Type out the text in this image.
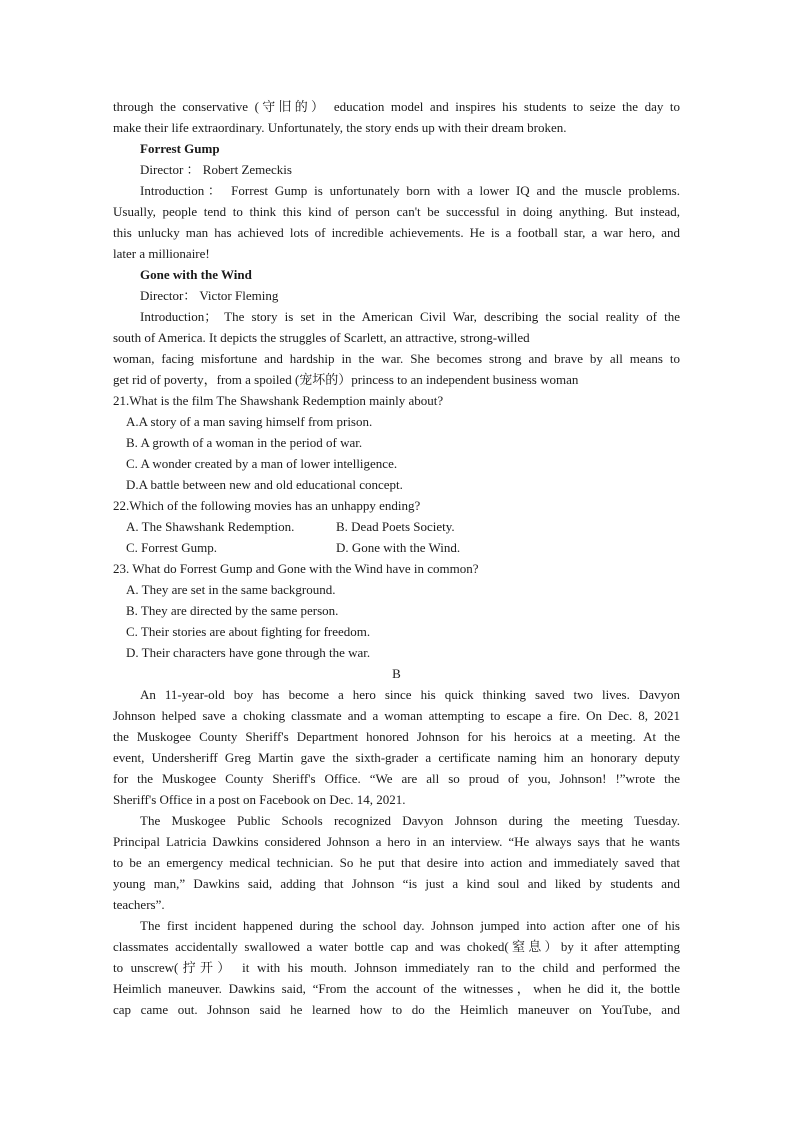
through the conservative (守旧的） education model and inspires his students to seize the day to

make their life extraordinary. Unfortunately, the story ends up with their dream broken.

Forrest Gump

Director ： Robert Zemeckis

Introduction： Forrest Gump is unfortunately born with a lower IQ and the muscle problems.

Usually, people tend to think this kind of person can't be successful in doing anything. But instead,

this unlucky man has achieved lots of incredible achievements. He is a football star, a war hero, and

later a millionaire!

Gone with the Wind

Director： Victor Fleming

Introduction； The story is set in the American Civil War, describing the social reality of the

south of America. It depicts the struggles of Scarlett, an attractive, strong-willed

woman, facing misfortune and hardship in the war. She becomes strong and brave by all means to

get rid of poverty，from a spoiled (宠坏的）princess to an independent business woman

21.What is the film The Shawshank Redemption mainly about?

A.A story of a man saving himself from prison.

B. A growth of a woman in the period of war.

C. A wonder created by a man of lower intelligence.

D.A battle between new and old educational concept.

22.Which of the following movies has an unhappy ending?

A. The Shawshank Redemption.	B. Dead Poets Society.

C. Forrest Gump.	D. Gone with the Wind.

23. What do Forrest Gump and Gone with the Wind have in common?

A. They are set in the same background.

B. They are directed by the same person.

C. Their stories are about fighting for freedom.

D. Their characters have gone through the war.

B

An 11-year-old boy has become a hero since his quick thinking saved two lives. Davyon

Johnson helped save a choking classmate and a woman attempting to escape a fire. On Dec. 8, 2021

the Muskogee County Sheriff's Department honored Johnson for his heroics at a meeting. At the

event, Undersheriff Greg Martin gave the sixth-grader a certificate naming him an honorary deputy

for the Muskogee County Sheriff's Office. “We are all so proud of you, Johnson! !”wrote the

Sheriff's Office in a post on Facebook on Dec. 14, 2021.

The Muskogee Public Schools recognized Davyon Johnson during the meeting Tuesday.

Principal Latricia Dawkins considered Johnson a hero in an interview. “He always says that he wants

to be an emergency medical technician. So he put that desire into action and immediately saved that

young man,” Dawkins said, adding that Johnson “is just a kind soul and liked by students and

teachers”.

The first incident happened during the school day. Johnson jumped into action after one of his

classmates accidentally swallowed a water bottle cap and was choked(窒息）by it after attempting

to unscrew(拧开） it with his mouth. Johnson immediately ran to the child and performed the

Heimlich maneuver. Dawkins said, “From the account of the witnesses，when he did it, the bottle

cap came out. Johnson said he learned how to do the Heimlich maneuver on YouTube, and
